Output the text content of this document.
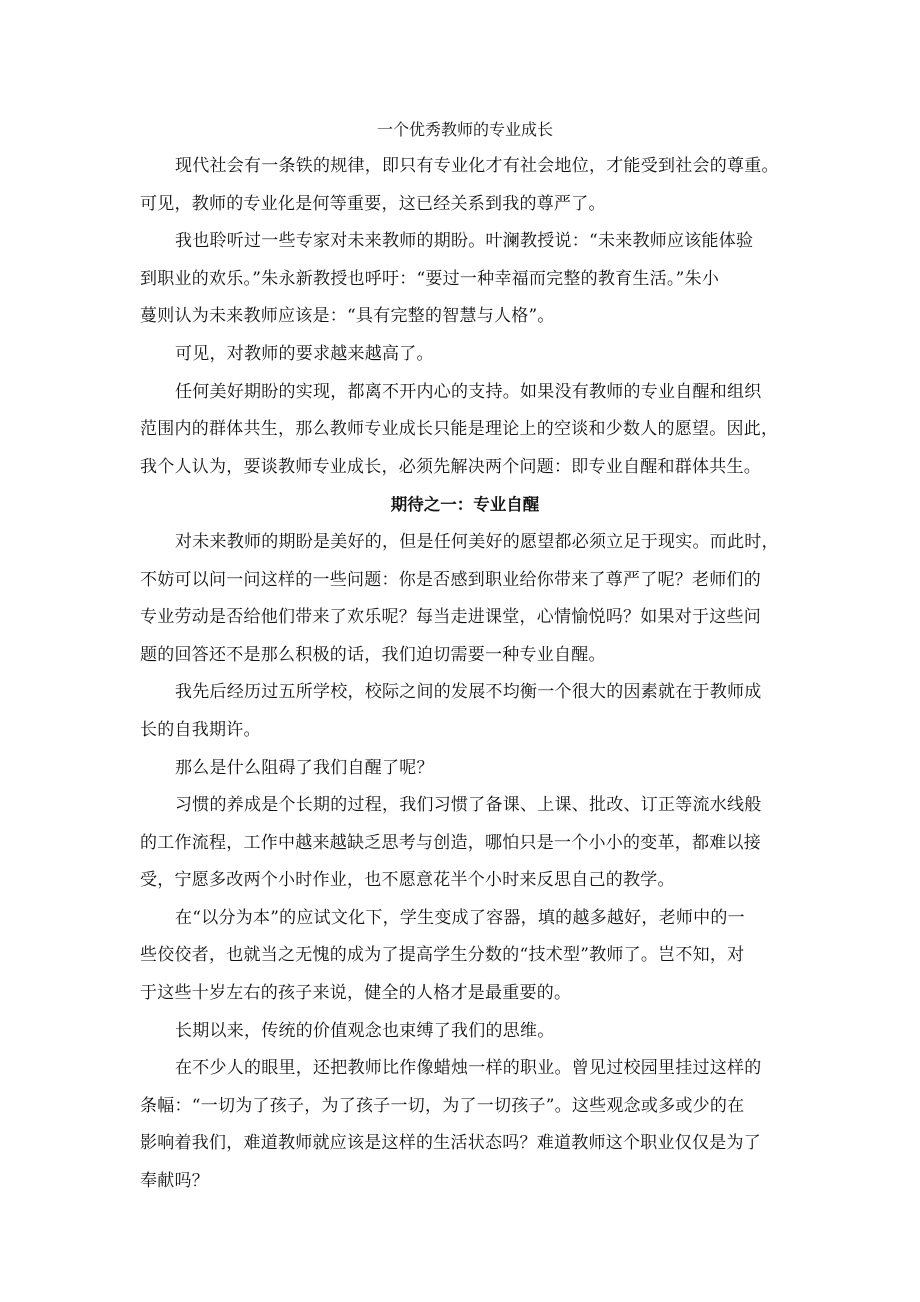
一个优秀教师的专业成长

现代社会有一条铁的规律，即只有专业化才有社会地位，才能受到社会的尊重。
可见，教师的专业化是何等重要，这已经关系到我的尊严了。

我也聆听过一些专家对未来教师的期盼。叶澜教授说：“未来教师应该能体验
到职业的欢乐。”朱永新教授也呼吁：“要过一种幸福而完整的教育生活。”朱小
蔓则认为未来教师应该是：“具有完整的智慧与人格”。

可见，对教师的要求越来越高了。

任何美好期盼的实现，都离不开内心的支持。如果没有教师的专业自醒和组织
范围内的群体共生，那么教师专业成长只能是理论上的空谈和少数人的愿望。因此，
我个人认为，要谈教师专业成长，必须先解决两个问题：即专业自醒和群体共生。

期待之一：专业自醒

对未来教师的期盼是美好的，但是任何美好的愿望都必须立足于现实。而此时，
不妨可以问一问这样的一些问题：你是否感到职业给你带来了尊严了呢？老师们的
专业劳动是否给他们带来了欢乐呢？每当走进课堂，心情愉悦吗？如果对于这些问
题的回答还不是那么积极的话，我们迫切需要一种专业自醒。

我先后经历过五所学校，校际之间的发展不均衡一个很大的因素就在于教师成
长的自我期许。

那么是什么阻碍了我们自醒了呢？

习惯的养成是个长期的过程，我们习惯了备课、上课、批改、订正等流水线般
的工作流程，工作中越来越缺乏思考与创造，哪怕只是一个小小的变革，都难以接
受，宁愿多改两个小时作业，也不愿意花半个小时来反思自己的教学。

在“以分为本”的应试文化下，学生变成了容器，填的越多越好，老师中的一
些佼佼者，也就当之无愧的成为了提高学生分数的“技术型”教师了。岂不知，对
于这些十岁左右的孩子来说，健全的人格才是最重要的。

长期以来，传统的价值观念也束缚了我们的思维。

在不少人的眼里，还把教师比作像蜡烛一样的职业。曾见过校园里挂过这样的
条幅：“一切为了孩子，为了孩子一切，为了一切孩子”。这些观念或多或少的在
影响着我们，难道教师就应该是这样的生活状态吗？难道教师这个职业仅仅是为了
奉献吗？
